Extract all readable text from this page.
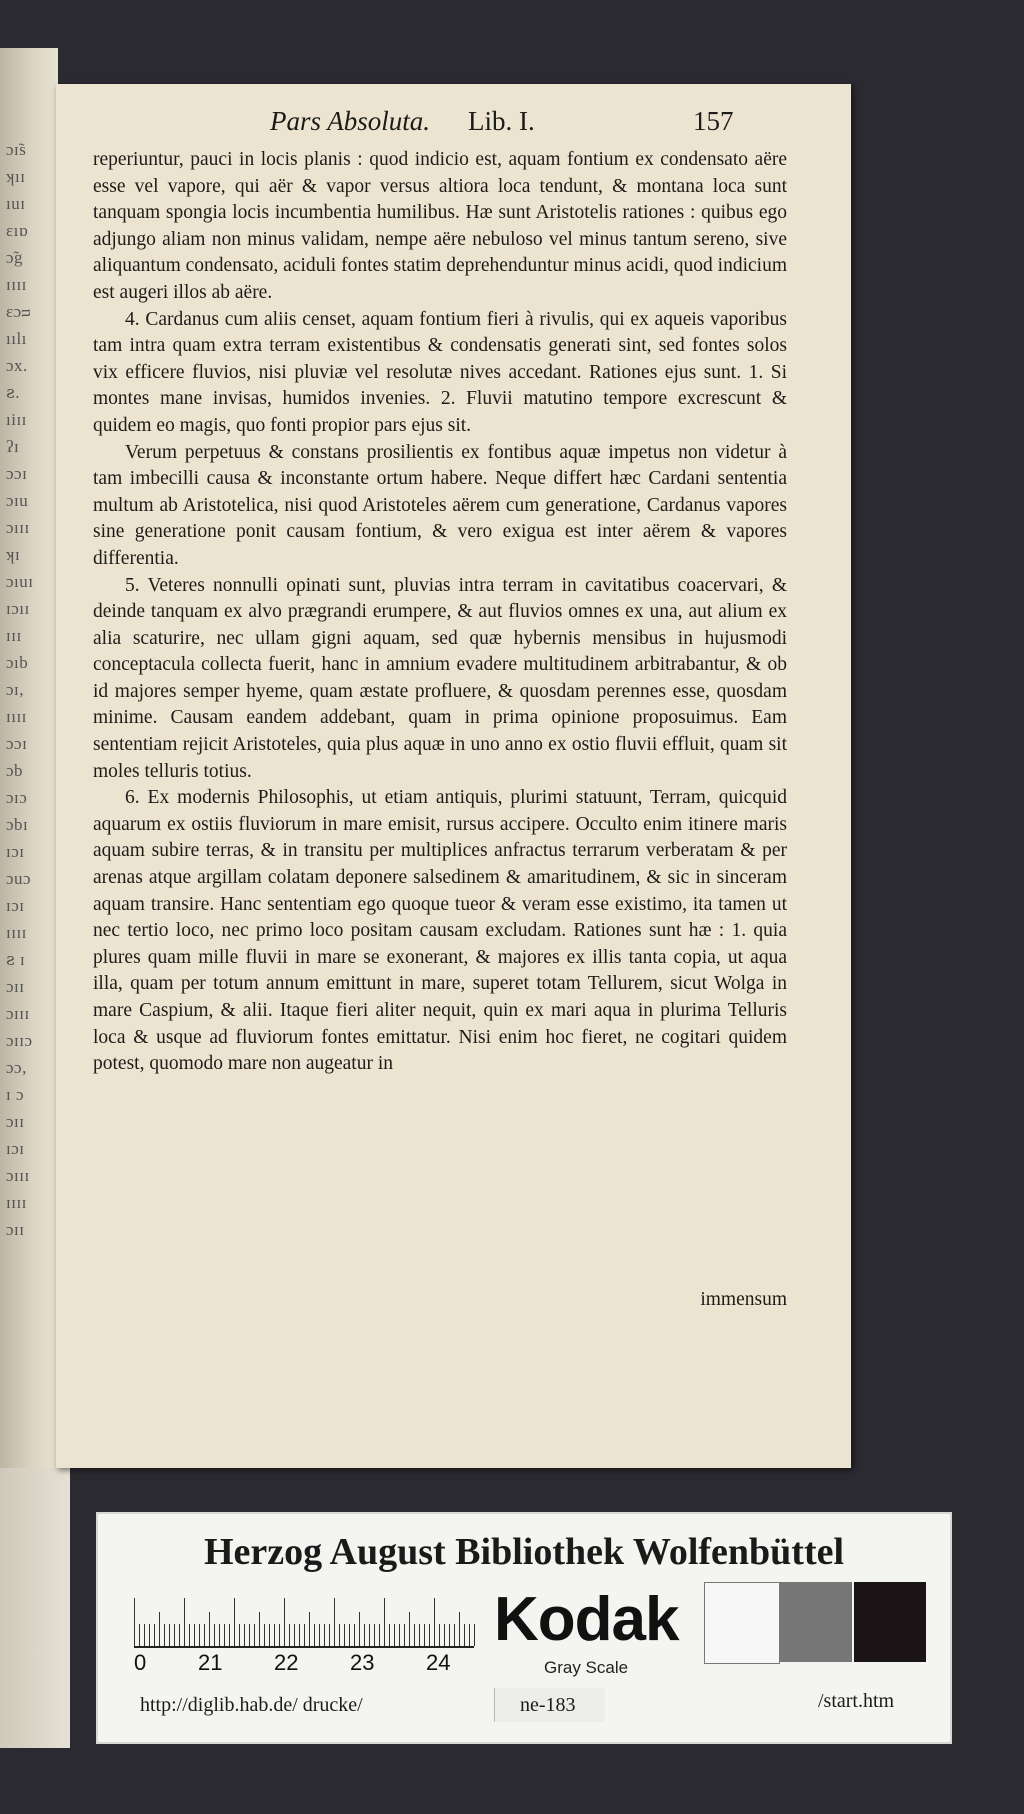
ɔɪ̃s
ʞıɪ
ıuɪ
ɛıɒ
ɔ̃g
ɪɪɪɪ
ɛɔᴝ
ıılı
ɔx.
ꙅ.
ıiɪɪ
ʔɪ
ɔɔɪ
ɔɪu
ɔıɪɪ
ʞɪ
ɔıuɪ
ɪɔıɪ
ɪɪɪ
ɔıb
ɔɪ,
ɪıɪɪ
ɔɔɪ
ɔb
ɔɪɔ
ɔbɪ
ɪɔɪ
ɔuɔ
ɪɔɪ
ɪɪɪɪ
ꙅ ɪ
ɔɪɪ
ɔɪɪɪ
ɔɪɪɔ
ɔɔ,
ɪ ɔ
ɔɪɪ
ɪɔɪ
ɔɪɪɪ
ɪɪɪɪ
ɔɪɪ
Pars Absoluta. Lib. I.	157

reperiuntur, pauci in locis planis : quod indicio est, aquam fontium ex condensato aëre esse vel vapore, qui aër & vapor versus altiora loca tendunt, & montana loca sunt tanquam spongia locis incumbentia humilibus. Hæ sunt Aristotelis rationes : quibus ego adjungo aliam non minus validam, nempe aëre nebuloso vel minus tantum sereno, sive aliquantum condensato, aciduli fontes statim deprehenduntur minus acidi, quod indicium est augeri illos ab aëre.

4. Cardanus cum aliis censet, aquam fontium fieri à rivulis, qui ex aqueis vaporibus tam intra quam extra terram existentibus & condensatis generati sint, sed fontes solos vix efficere fluvios, nisi pluviæ vel resolutæ nives accedant. Rationes ejus sunt. 1. Si montes mane invisas, humidos invenies. 2. Fluvii matutino tempore excrescunt & quidem eo magis, quo fonti propior pars ejus sit.

Verum perpetuus & constans prosilientis ex fontibus aquæ impetus non videtur à tam imbecilli causa & inconstante ortum habere. Neque differt hæc Cardani sententia multum ab Aristotelica, nisi quod Aristoteles aërem cum generatione, Cardanus vapores sine generatione ponit causam fontium, & vero exigua est inter aërem & vapores differentia.

5. Veteres nonnulli opinati sunt, pluvias intra terram in cavitatibus coacervari, & deinde tanquam ex alvo prægrandi erumpere, & aut fluvios omnes ex una, aut alium ex alia scaturire, nec ullam gigni aquam, sed quæ hybernis mensibus in hujusmodi conceptacula collecta fuerit, hanc in amnium evadere multitudinem arbitrabantur, & ob id majores semper hyeme, quam æstate profluere, & quosdam perennes esse, quosdam minime. Causam eandem addebant, quam in prima opinione proposuimus. Eam sententiam rejicit Aristoteles, quia plus aquæ in uno anno ex ostio fluvii effluit, quam sit moles telluris totius.

6. Ex modernis Philosophis, ut etiam antiquis, plurimi statuunt, Terram, quicquid aquarum ex ostiis fluviorum in mare emisit, rursus accipere. Occulto enim itinere maris aquam subire terras, & in transitu per multiplices anfractus terrarum verberatam & per arenas atque argillam colatam deponere salsedinem & amaritudinem, & sic in sinceram aquam transire. Hanc sententiam ego quoque tueor & veram esse existimo, ita tamen ut nec tertio loco, nec primo loco positam causam excludam. Rationes sunt hæ : 1. quia plures quam mille fluvii in mare se exonerant, & majores ex illis tanta copia, ut aqua illa, quam per totum annum emittunt in mare, superet totam Tellurem, sicut Wolga in mare Caspium, & alii. Itaque fieri aliter nequit, quin ex mari aqua in plurima Telluris loca & usque ad fluviorum fontes emittatur. Nisi enim hoc fieret, ne cogitari quidem potest, quomodo mare non augeatur in

immensum
Herzog August Bibliothek Wolfenbüttel
0 21 22 23 24
Kodak
Gray Scale
http://diglib.hab.de/ drucke/	ne-183	/start.htm
